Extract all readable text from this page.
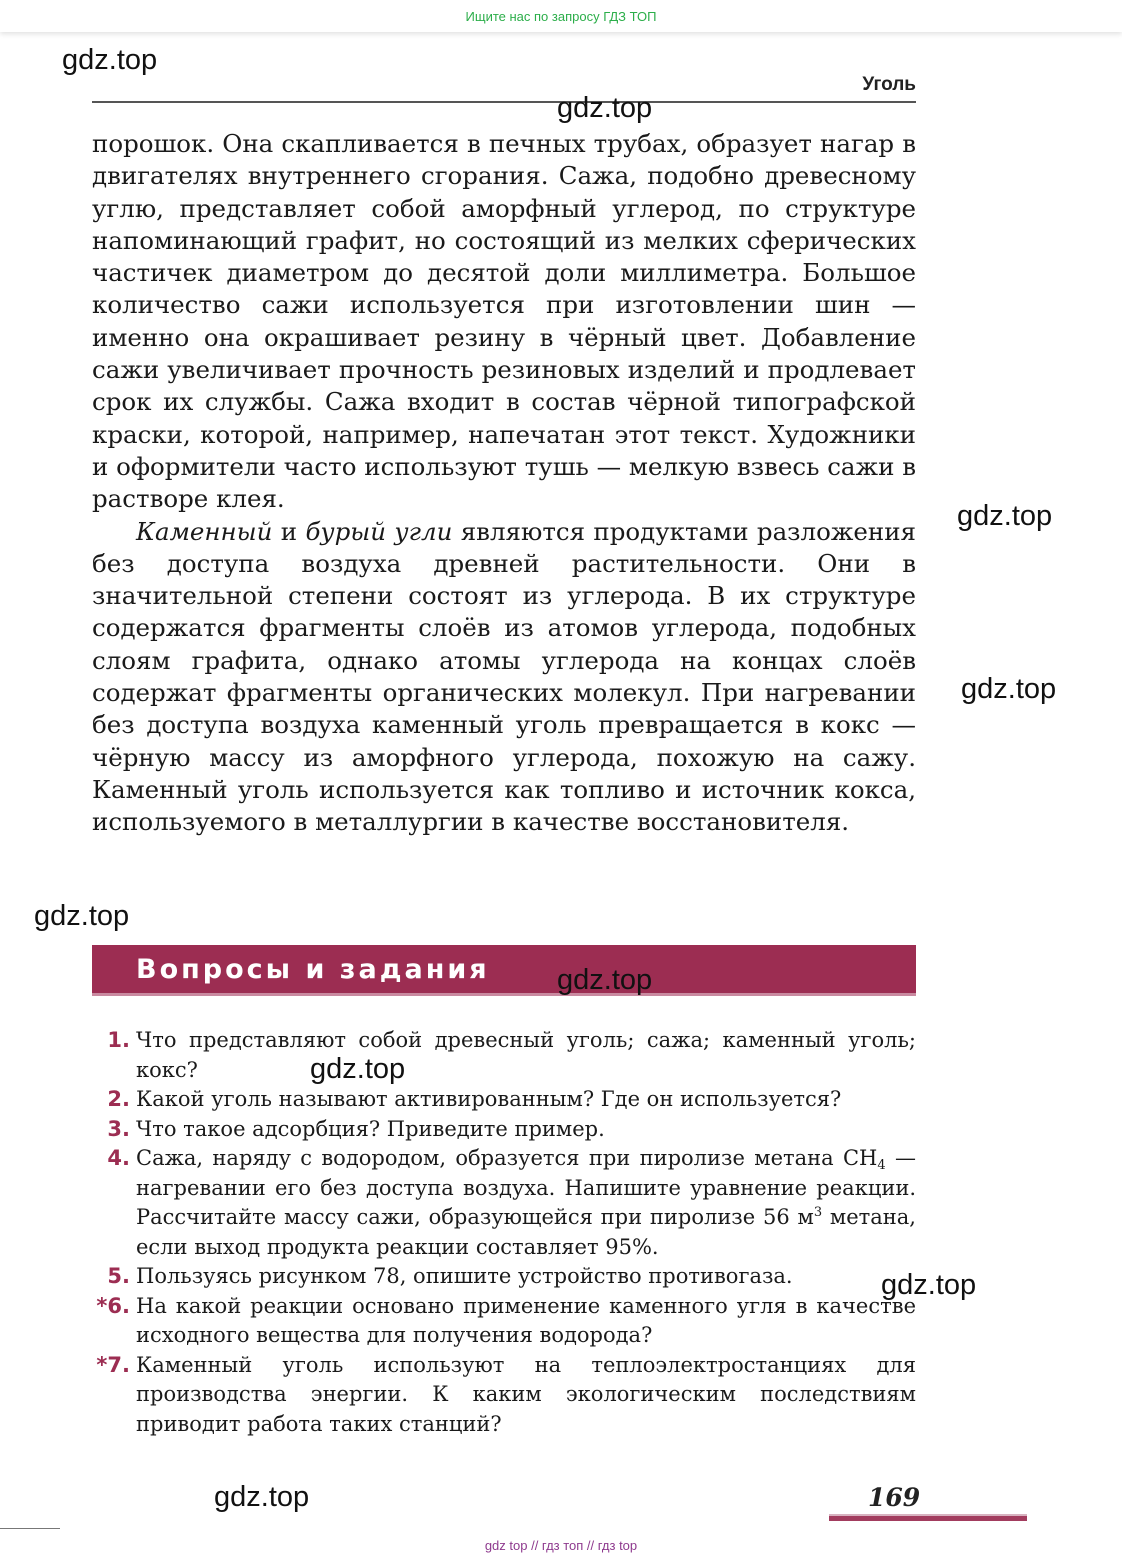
Ищите нас по запросу ГДЗ ТОП
gdz.top
Уголь
gdz.top

порошок. Она скапливается в печных трубах, образует нагар в двигателях внутреннего сгорания. Сажа, подобно древесному углю, представляет собой аморфный углерод, по структуре напоминающий графит, но состоящий из мелких сферических частичек диаметром до десятой доли миллиметра. Большое количество сажи используется при изготовлении шин — именно она окрашивает резину в чёрный цвет. Добавление сажи увеличивает прочность резиновых изделий и продлевает срок их службы. Сажа входит в состав чёрной типографской краски, которой, например, напечатан этот текст. Художники и оформители часто используют тушь — мелкую взвесь сажи в растворе клея.

Каменный и бурый угли являются продуктами разложения без доступа воздуха древней растительности. Они в значительной степени состоят из углерода. В их структуре содержатся фрагменты слоёв из атомов углерода, подобных слоям графита, однако атомы углерода на концах слоёв содержат фрагменты органических молекул. При нагревании без доступа воздуха каменный уголь превращается в кокс — чёрную массу из аморфного углерода, похожую на сажу. Каменный уголь используется как топливо и источник кокса, используемого в металлургии в качестве восстановителя.

gdz.top
gdz.top
gdz.top
Вопросы и задания gdz.top
1. Что представляют собой древесный уголь; сажа; каменный уголь; кокс?
2. Какой уголь называют активированным? Где он используется?
3. Что такое адсорбция? Приведите пример.
4. Сажа, наряду с водородом, образуется при пиролизе метана $CH_4$ — нагревании его без доступа воздуха. Напишите уравнение реакции. Рассчитайте массу сажи, образующейся при пиролизе 56 $м^3$ метана, если выход продукта реакции составляет 95%.
5. Пользуясь рисунком 78, опишите устройство противогаза.
*6. На какой реакции основано применение каменного угля в качестве исходного вещества для получения водорода?
*7. Каменный уголь используют на теплоэлектростанциях для производства энергии. К каким экологическим последствиям приводит работа таких станций?
gdz.top
gdz.top
gdz.top	169
gdz top // гдз топ // гдз top
